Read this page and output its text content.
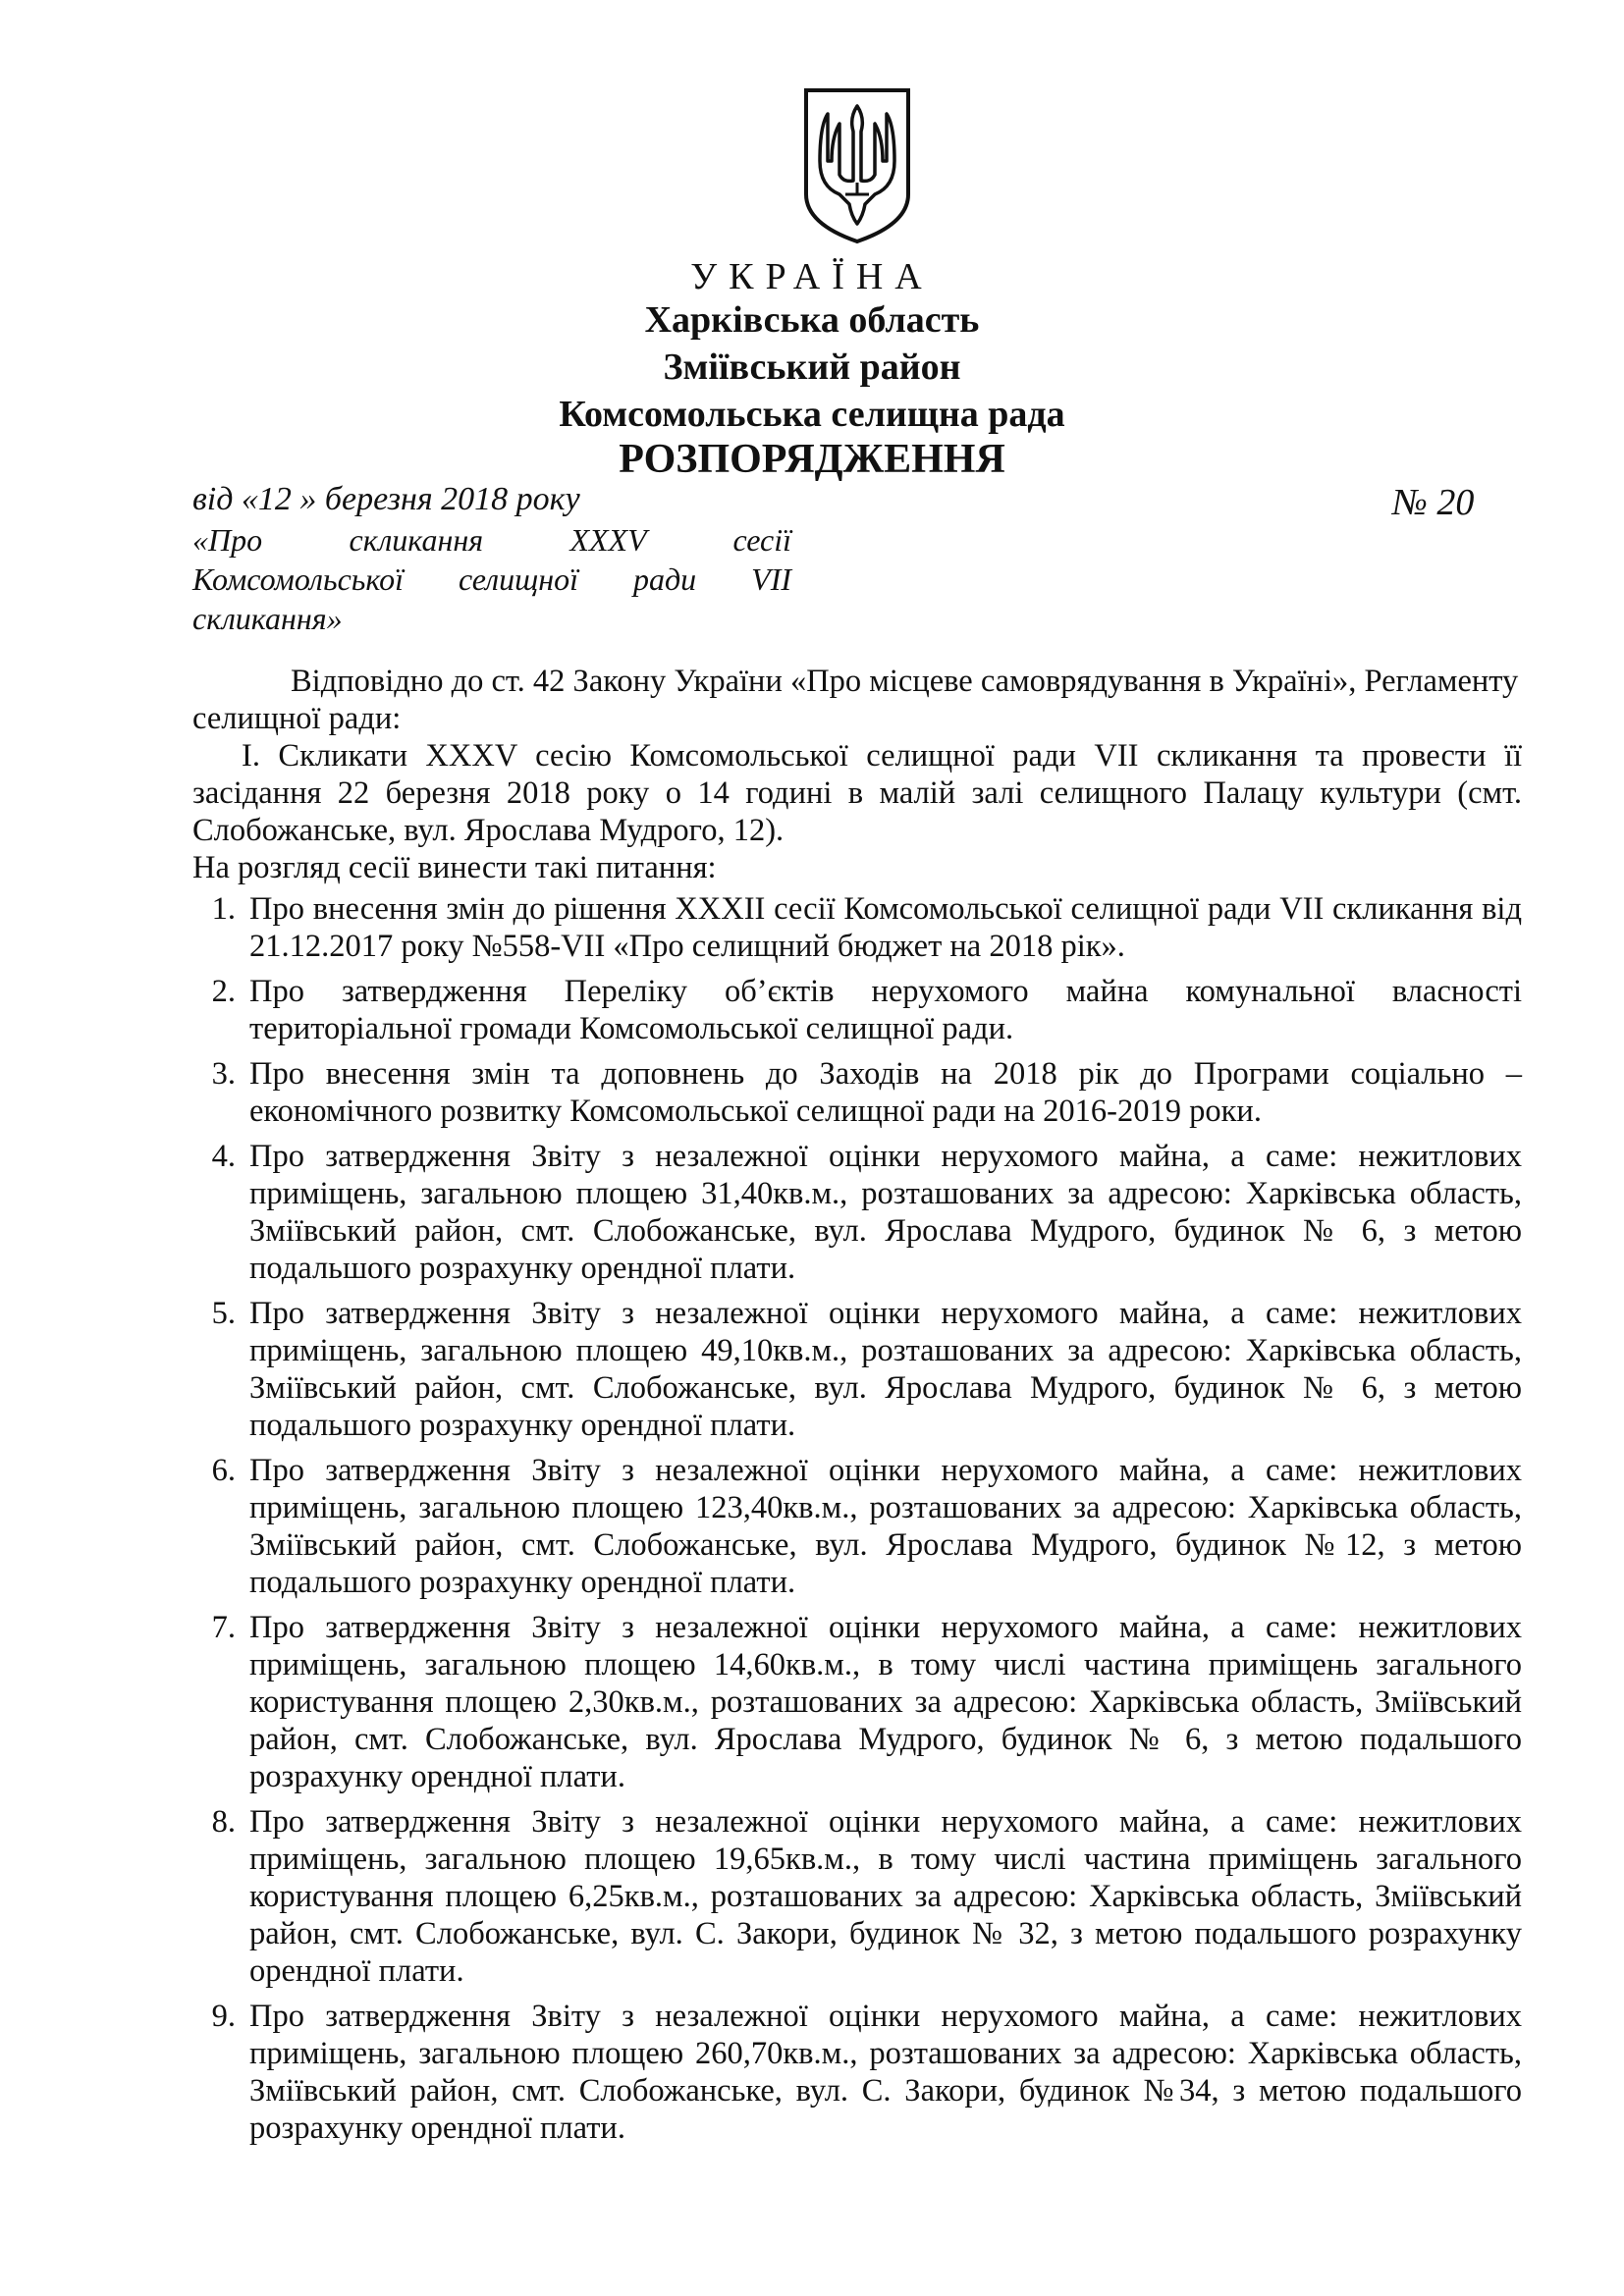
УКРАЇНА
Харківська область
Зміївський район
Комсомольська селищна рада
РОЗПОРЯДЖЕННЯ
від «12 » березня 2018 року	№ 20
«Про скликання XXXV сесії
Комсомольської селищної ради VII
скликання»

Відповідно до ст. 42 Закону України «Про місцеве самоврядування в Україні», Регламенту селищної ради:

І. Скликати XXXV сесію Комсомольської селищної ради VII скликання та провести її засідання 22 березня 2018 року о 14 годині в малій залі селищного Палацу культури (смт. Слобожанське, вул. Ярослава Мудрого, 12).

На розгляд сесії винести такі питання:

1. Про внесення змін до рішення XXXII сесії Комсомольської селищної ради VII скликання від 21.12.2017 року №558-VII «Про селищний бюджет на 2018 рік».
2. Про затвердження Переліку об’єктів нерухомого майна комунальної власності територіальної громади Комсомольської селищної ради.
3. Про внесення змін та доповнень до Заходів на 2018 рік до Програми соціально – економічного розвитку Комсомольської селищної ради на 2016-2019 роки.
4. Про затвердження Звіту з незалежної оцінки нерухомого майна, а саме: нежитлових приміщень, загальною площею 31,40кв.м., розташованих за адресою: Харківська область, Зміївський район, смт. Слобожанське, вул. Ярослава Мудрого, будинок № 6, з метою подальшого розрахунку орендної плати.
5. Про затвердження Звіту з незалежної оцінки нерухомого майна, а саме: нежитлових приміщень, загальною площею 49,10кв.м., розташованих за адресою: Харківська область, Зміївський район, смт. Слобожанське, вул. Ярослава Мудрого, будинок № 6, з метою подальшого розрахунку орендної плати.
6. Про затвердження Звіту з незалежної оцінки нерухомого майна, а саме: нежитлових приміщень, загальною площею 123,40кв.м., розташованих за адресою: Харківська область, Зміївський район, смт. Слобожанське, вул. Ярослава Мудрого, будинок №12, з метою подальшого розрахунку орендної плати.
7. Про затвердження Звіту з незалежної оцінки нерухомого майна, а саме: нежитлових приміщень, загальною площею 14,60кв.м., в тому числі частина приміщень загального користування площею 2,30кв.м., розташованих за адресою: Харківська область, Зміївський район, смт. Слобожанське, вул. Ярослава Мудрого, будинок № 6, з метою подальшого розрахунку орендної плати.
8. Про затвердження Звіту з незалежної оцінки нерухомого майна, а саме: нежитлових приміщень, загальною площею 19,65кв.м., в тому числі частина приміщень загального користування площею 6,25кв.м., розташованих за адресою: Харківська область, Зміївський район, смт. Слобожанське, вул. С. Закори, будинок № 32, з метою подальшого розрахунку орендної плати.
9. Про затвердження Звіту з незалежної оцінки нерухомого майна, а саме: нежитлових приміщень, загальною площею 260,70кв.м., розташованих за адресою: Харківська область, Зміївський район, смт. Слобожанське, вул. С. Закори, будинок №34, з метою подальшого розрахунку орендної плати.
